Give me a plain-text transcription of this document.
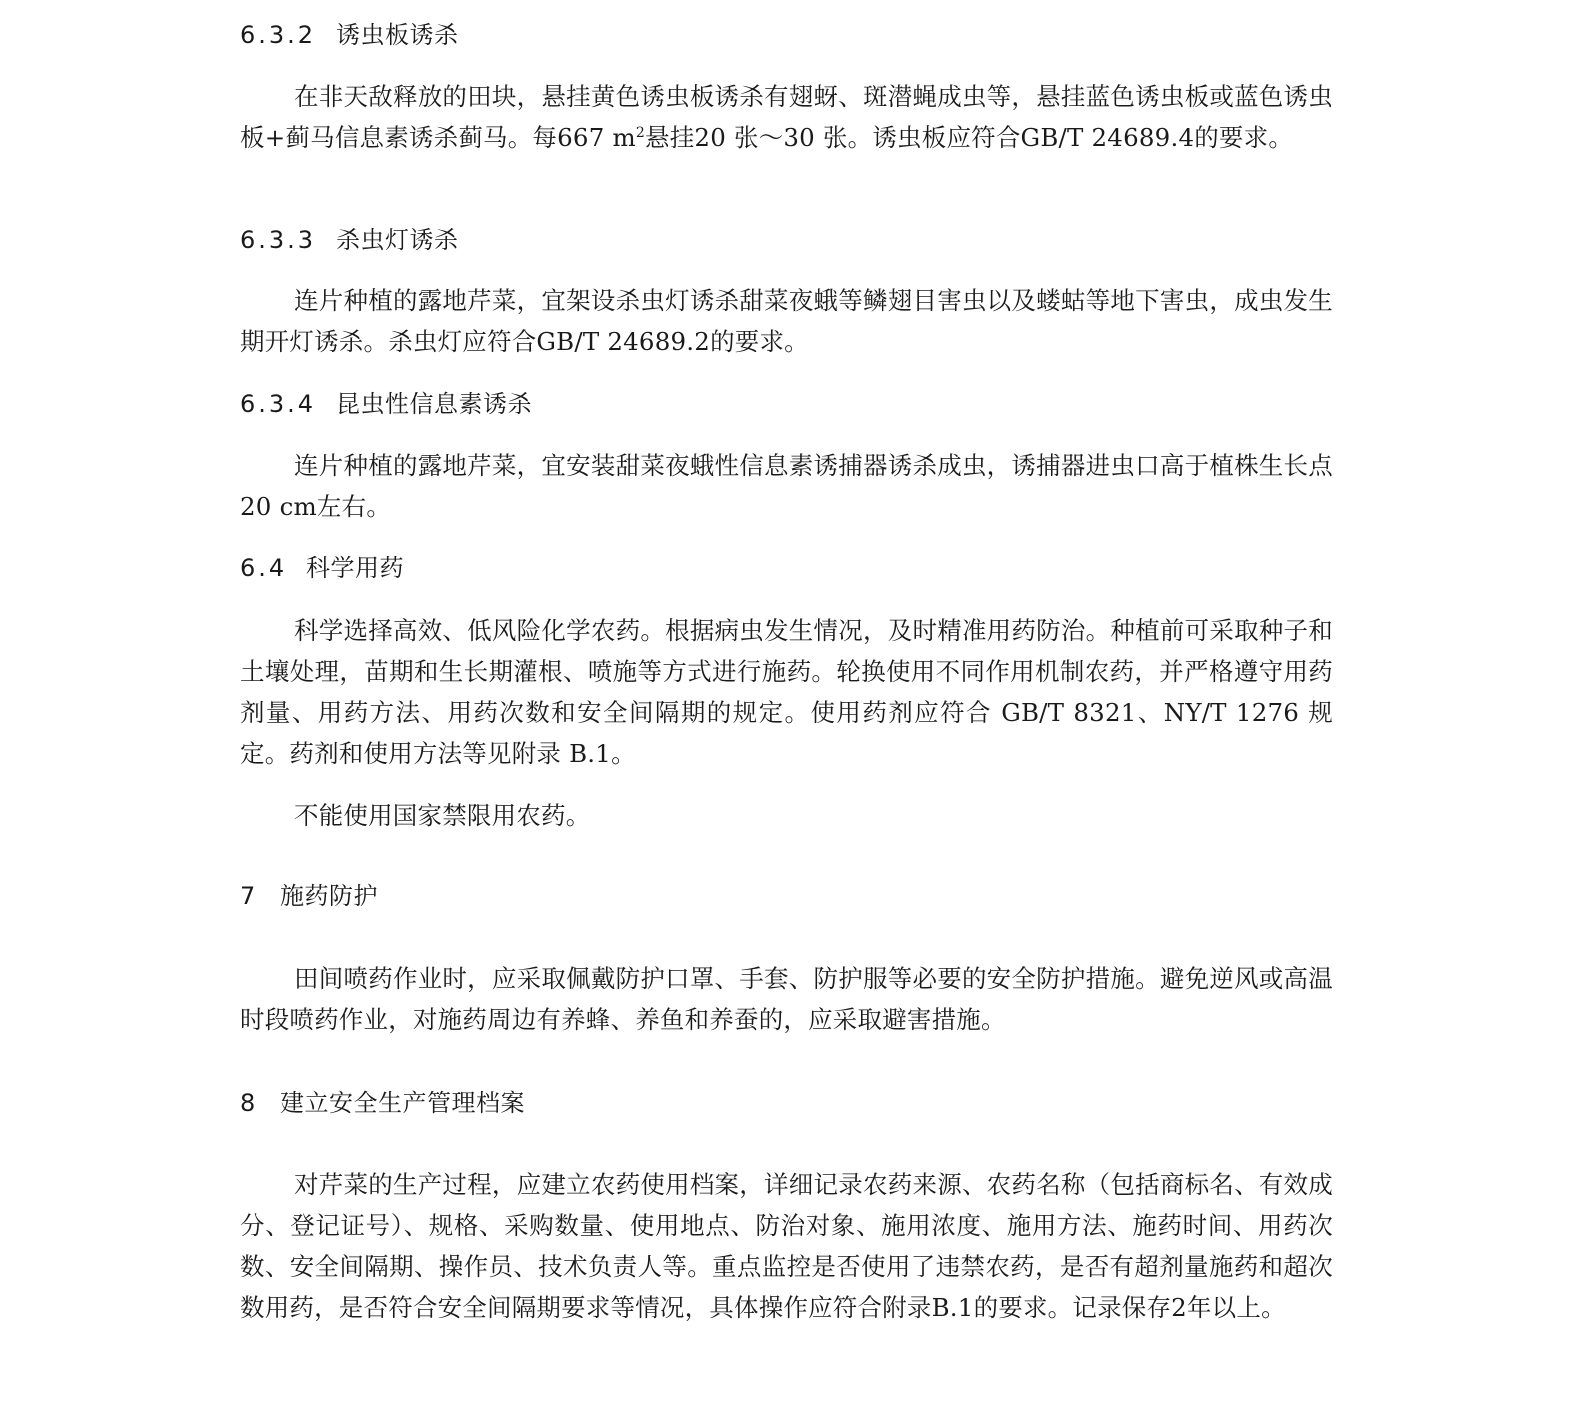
6.3.2 诱虫板诱杀

在非天敌释放的田块，悬挂黄色诱虫板诱杀有翅蚜、斑潜蝇成虫等，悬挂蓝色诱虫板或蓝色诱虫板+蓟马信息素诱杀蓟马。每667 $m^2$悬挂20 张～30 张。诱虫板应符合GB/T 24689.4的要求。

6.3.3 杀虫灯诱杀

连片种植的露地芹菜，宜架设杀虫灯诱杀甜菜夜蛾等鳞翅目害虫以及蝼蛄等地下害虫，成虫发生期开灯诱杀。杀虫灯应符合GB/T 24689.2的要求。

6.3.4 昆虫性信息素诱杀

连片种植的露地芹菜，宜安装甜菜夜蛾性信息素诱捕器诱杀成虫，诱捕器进虫口高于植株生长点20 cm左右。

6.4 科学用药

科学选择高效、低风险化学农药。根据病虫发生情况，及时精准用药防治。种植前可采取种子和土壤处理，苗期和生长期灌根、喷施等方式进行施药。轮换使用不同作用机制农药，并严格遵守用药剂量、用药方法、用药次数和安全间隔期的规定。使用药剂应符合 GB/T 8321、NY/T 1276 规定。药剂和使用方法等见附录 B.1。

不能使用国家禁限用农药。

7 施药防护

田间喷药作业时，应采取佩戴防护口罩、手套、防护服等必要的安全防护措施。避免逆风或高温时段喷药作业，对施药周边有养蜂、养鱼和养蚕的，应采取避害措施。

8 建立安全生产管理档案

对芹菜的生产过程，应建立农药使用档案，详细记录农药来源、农药名称（包括商标名、有效成分、登记证号）、规格、采购数量、使用地点、防治对象、施用浓度、施用方法、施药时间、用药次数、安全间隔期、操作员、技术负责人等。重点监控是否使用了违禁农药，是否有超剂量施药和超次数用药，是否符合安全间隔期要求等情况，具体操作应符合附录B.1的要求。记录保存2年以上。
